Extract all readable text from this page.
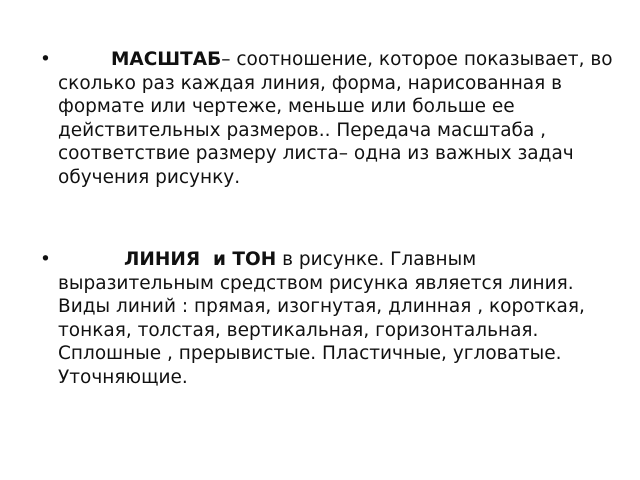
•	МАСШТАБ– соотношение, которое показывает, во сколько раз каждая линия, форма, нарисованная в формате или чертеже, меньше или больше ее действительных размеров.. Передача масштаба , соответствие размеру листа– одна из важных задач обучения рисунку.
•	ЛИНИЯ  и ТОН в рисунке. Главным выразительным средством рисунка является линия. Виды линий : прямая, изогнутая, длинная , короткая, тонкая, толстая, вертикальная, горизонтальная. Сплошные , прерывистые. Пластичные, угловатые. Уточняющие.
